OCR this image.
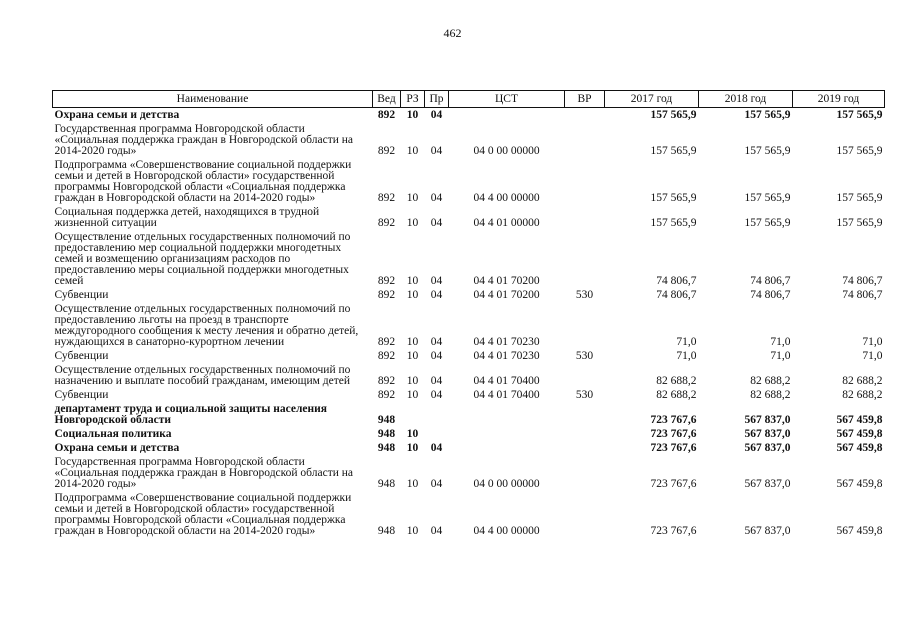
462
Наименование	Вед	РЗ	Пр	ЦСТ	ВР	2017 год	2018 год	2019 год
Охрана семьи и детства	892	10	04			157 565,9	157 565,9	157 565,9
Государственная программа Новгородской области «Социальная поддержка граждан в Новгородской области на 2014-2020 годы»	892	10	04	04 0 00 00000		157 565,9	157 565,9	157 565,9
Подпрограмма «Совершенствование социальной поддержки семьи и детей в Новгородской области» государственной программы Новгородской области «Социальная поддержка граждан в Новгородской области на 2014-2020 годы»	892	10	04	04 4 00 00000		157 565,9	157 565,9	157 565,9
Социальная поддержка детей, находящихся в трудной жизненной ситуации	892	10	04	04 4 01 00000		157 565,9	157 565,9	157 565,9
Осуществление отдельных государственных полномочий по предоставлению мер социальной поддержки многодетных семей и возмещению организациям расходов по предоставлению меры социальной поддержки многодетных семей	892	10	04	04 4 01 70200		74 806,7	74 806,7	74 806,7
Субвенции	892	10	04	04 4 01 70200	530	74 806,7	74 806,7	74 806,7
Осуществление отдельных государственных полномочий по предоставлению льготы на проезд в транспорте междугородного сообщения к месту лечения и обратно детей, нуждающихся в санаторно-курортном лечении	892	10	04	04 4 01 70230		71,0	71,0	71,0
Субвенции	892	10	04	04 4 01 70230	530	71,0	71,0	71,0
Осуществление отдельных государственных полномочий по назначению и выплате пособий гражданам, имеющим детей	892	10	04	04 4 01 70400		82 688,2	82 688,2	82 688,2
Субвенции	892	10	04	04 4 01 70400	530	82 688,2	82 688,2	82 688,2
департамент труда и социальной защиты населения Новгородской области	948					723 767,6	567 837,0	567 459,8
Социальная политика	948	10				723 767,6	567 837,0	567 459,8
Охрана семьи и детства	948	10	04			723 767,6	567 837,0	567 459,8
Государственная программа Новгородской области «Социальная поддержка граждан в Новгородской области на 2014-2020 годы»	948	10	04	04 0 00 00000		723 767,6	567 837,0	567 459,8
Подпрограмма «Совершенствование социальной поддержки семьи и детей в Новгородской области» государственной программы Новгородской области «Социальная поддержка граждан в Новгородской области на 2014-2020 годы»	948	10	04	04 4 00 00000		723 767,6	567 837,0	567 459,8
